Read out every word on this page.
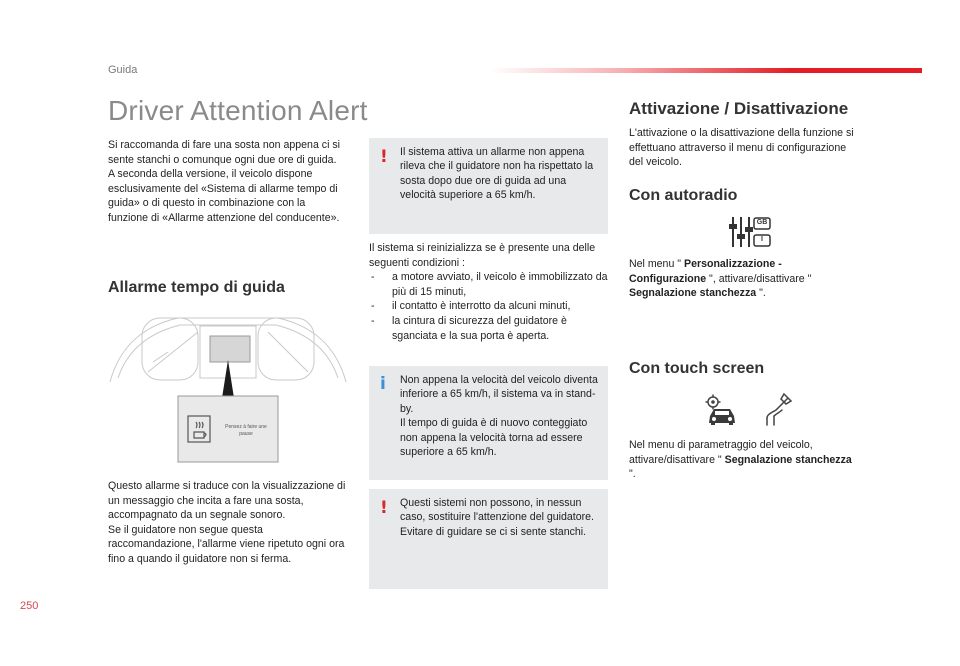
Guida
250
Driver Attention Alert
Si raccomanda di fare una sosta non appena ci si sente stanchi o comunque ogni due ore di guida.
A seconda della versione, il veicolo dispone esclusivamente del «Sistema di allarme tempo di guida» o di questo in combinazione con la funzione di «Allarme attenzione del conducente».
Allarme tempo di guida
Pensez à faire une pause
Questo allarme si traduce con la visualizzazione di un messaggio che incita a fare una sosta, accompagnato da un segnale sonoro.
Se il guidatore non segue questa raccomandazione, l'allarme viene ripetuto ogni ora fino a quando il guidatore non si ferma.
! Il sistema attiva un allarme non appena rileva che il guidatore non ha rispettato la sosta dopo due ore di guida ad una velocità superiore a 65 km/h.
Il sistema si reinizializza se è presente una delle seguenti condizioni :
- a motore avviato, il veicolo è immobilizzato da più di 15 minuti,
- il contatto è interrotto da alcuni minuti,
- la cintura di sicurezza del guidatore è sganciata e la sua porta è aperta.
i Non appena la velocità del veicolo diventa inferiore a 65 km/h, il sistema va in stand-by.
Il tempo di guida è di nuovo conteggiato non appena la velocità torna ad essere superiore a 65 km/h.
! Questi sistemi non possono, in nessun caso, sostituire l'attenzione del guidatore.
Evitare di guidare se ci si sente stanchi.
Attivazione / Disattivazione
L'attivazione o la disattivazione della funzione si effettuano attraverso il menu di configurazione del veicolo.
Con autoradio
GB
I
Nel menu " Personalizzazione - Configurazione ", attivare/disattivare " Segnalazione stanchezza ".
Con touch screen
Nel menu di parametraggio del veicolo, attivare/disattivare " Segnalazione stanchezza ".
